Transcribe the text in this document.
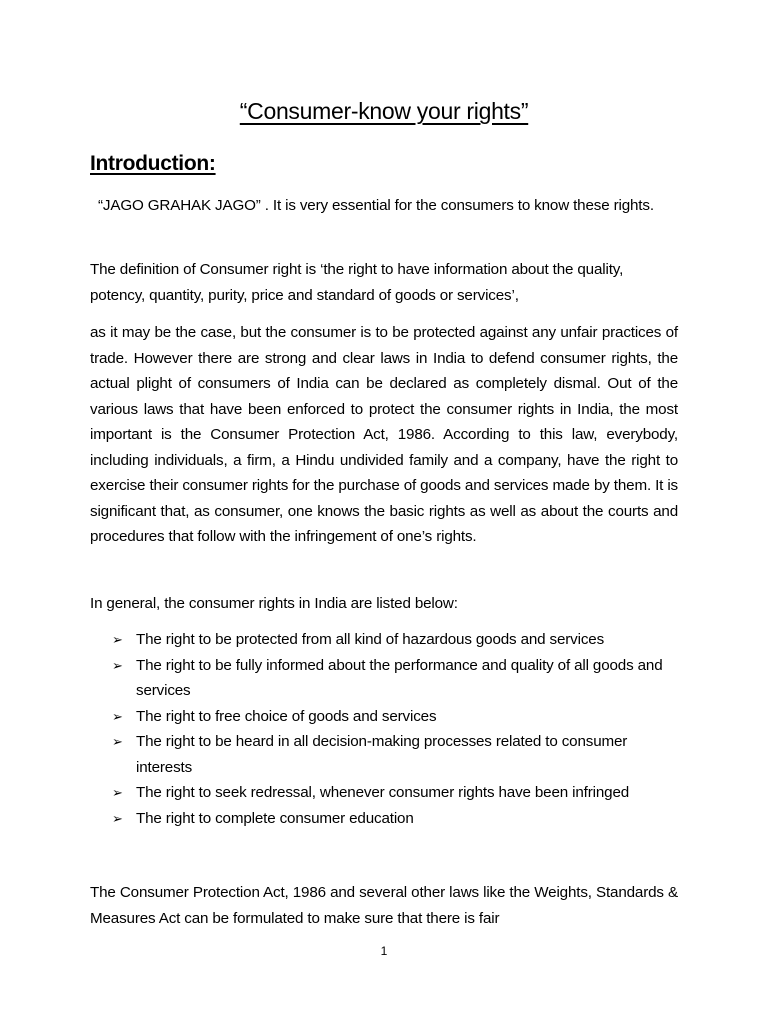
“Consumer-know your rights”
Introduction:

“JAGO GRAHAK JAGO” . It is very essential for the consumers to know these rights.

The definition of Consumer right is ‘the right to have information about the quality, potency, quantity, purity, price and standard of goods or services’,

as it may be the case, but the consumer is to be protected against any unfair practices of trade. However there are strong and clear laws in India to defend consumer rights, the actual plight of consumers of India can be declared as completely dismal. Out of the various laws that have been enforced to protect the consumer rights in India, the most important is the Consumer Protection Act, 1986. According to this law, everybody, including individuals, a firm, a Hindu undivided family and a company, have the right to exercise their consumer rights for the purchase of goods and services made by them. It is significant that, as consumer, one knows the basic rights as well as about the courts and procedures that follow with the infringement of one’s rights.

In general, the consumer rights in India are listed below:

➢ The right to be protected from all kind of hazardous goods and services
➢ The right to be fully informed about the performance and quality of all goods and services
➢ The right to free choice of goods and services
➢ The right to be heard in all decision-making processes related to consumer interests
➢ The right to seek redressal, whenever consumer rights have been infringed
➢ The right to complete consumer education

The Consumer Protection Act, 1986 and several other laws like the Weights, Standards & Measures Act can be formulated to make sure that there is fair

1
